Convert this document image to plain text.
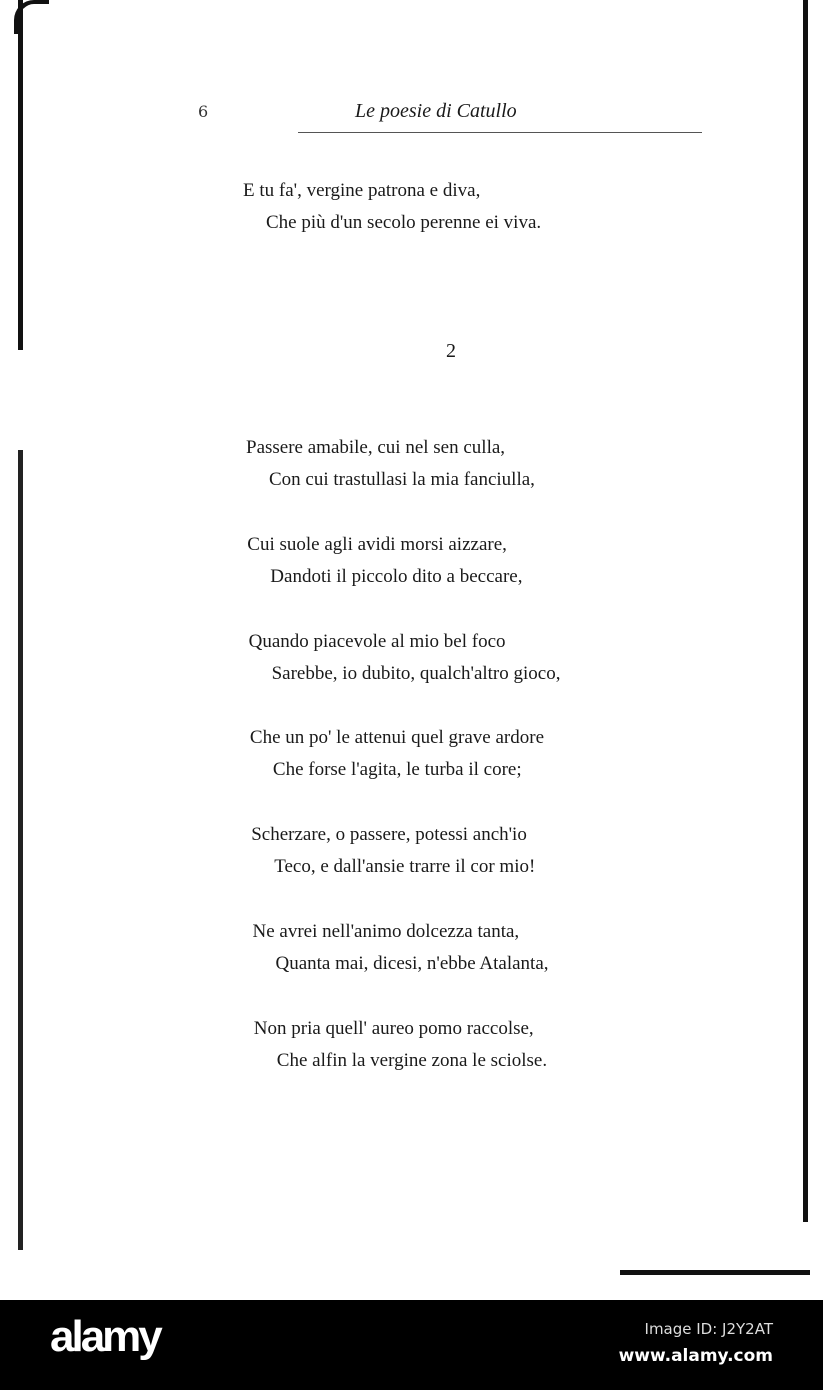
6	Le poesie di Catullo
E tu fa', vergine patrona e diva,
Che più d'un secolo perenne ei viva.
2
Passere amabile, cui nel sen culla,
Con cui trastullasi la mia fanciulla,
Cui suole agli avidi morsi aizzare,
Dandoti il piccolo dito a beccare,
Quando piacevole al mio bel foco
Sarebbe, io dubito, qualch'altro gioco,
Che un po' le attenui quel grave ardore
Che forse l'agita, le turba il core;
Scherzare, o passere, potessi anch'io
Teco, e dall'ansie trarre il cor mio!
Ne avrei nell'animo dolcezza tanta,
Quanta mai, dicesi, n'ebbe Atalanta,
Non pria quell' aureo pomo raccolse,
Che alfin la vergine zona le sciolse.
alamy	Image ID: J2Y2AT
www.alamy.com
